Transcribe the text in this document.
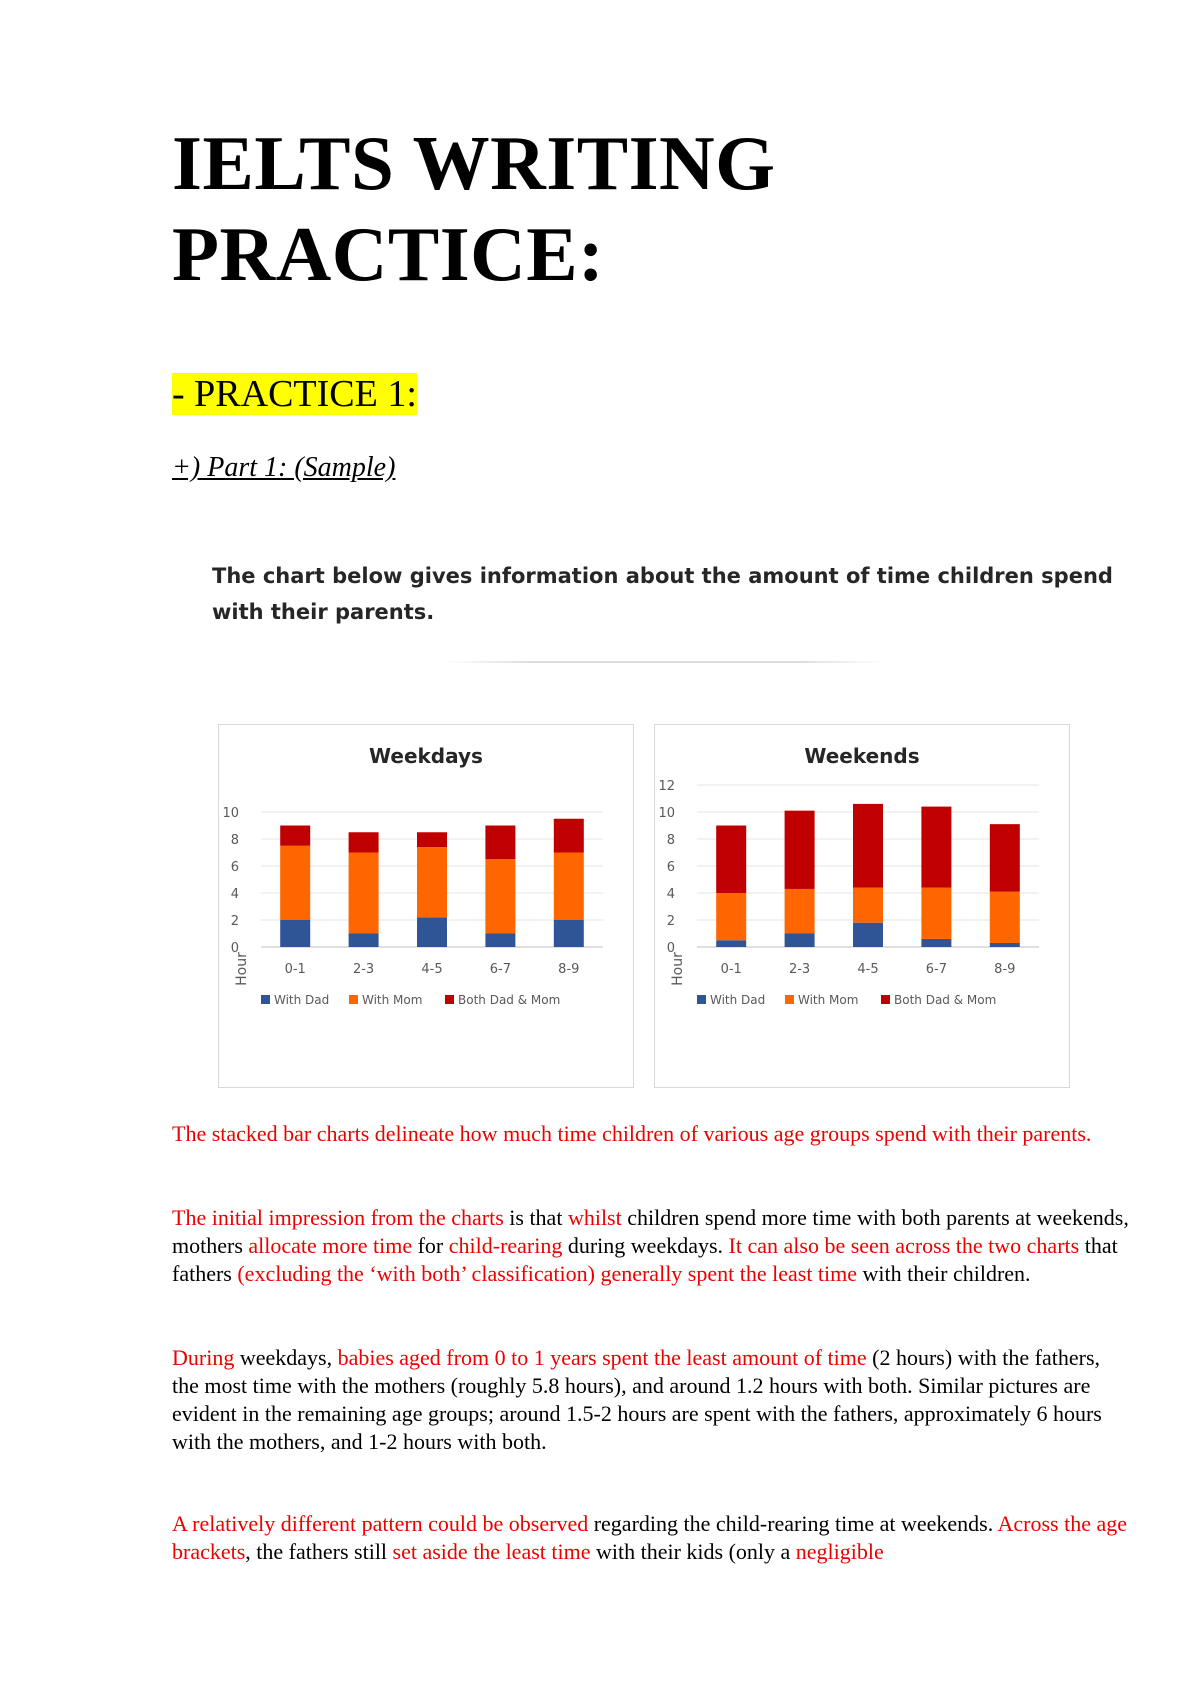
IELTS WRITING
PRACTICE:
- PRACTICE 1:
+) Part 1: (Sample)

The chart below gives information about the amount of time children spend
with their parents.

Weekdays
0
2
4
6
8
10
Hour	0-1	2-3	4-5	6-7	8-9
With Dad	With Mom	Both Dad & Mom
Weekends
0
2
4
6
8
10
12
Hour	0-1	2-3	4-5	6-7	8-9
With Dad	With Mom	Both Dad & Mom

The stacked bar charts delineate how much time children of various age groups spend with their parents.

The initial impression from the charts is that whilst children spend more time with both parents at weekends, mothers allocate more time for child-rearing during weekdays. It can also be seen across the two charts that fathers (excluding the ‘with both’ classification) generally spent the least time with their children.

During weekdays, babies aged from 0 to 1 years spent the least amount of time (2 hours) with the fathers, the most time with the mothers (roughly 5.8 hours), and around 1.2 hours with both. Similar pictures are evident in the remaining age groups; around 1.5-2 hours are spent with the fathers, approximately 6 hours with the mothers, and 1-2 hours with both.

A relatively different pattern could be observed regarding the child-rearing time at weekends. Across the age brackets, the fathers still set aside the least time with their kids (only a negligible
